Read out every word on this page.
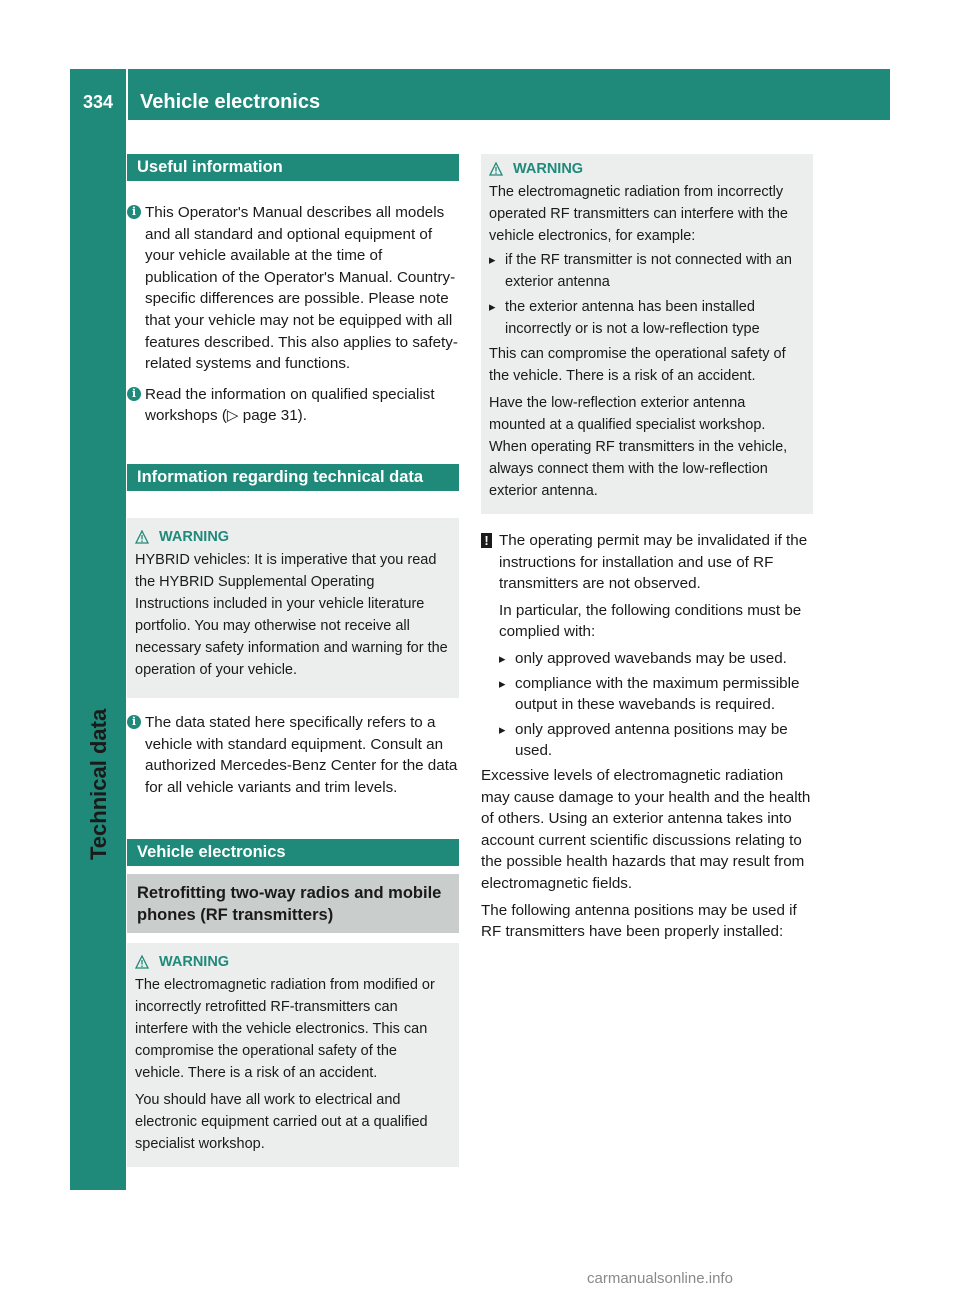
334	Vehicle electronics
Technical data
Useful information
i This Operator's Manual describes all models and all standard and optional equipment of your vehicle available at the time of publication of the Operator's Manual. Country-specific differences are possible. Please note that your vehicle may not be equipped with all features described. This also applies to safety-related systems and functions.
i Read the information on qualified specialist workshops (▷ page 31).
Information regarding technical data
WARNING

HYBRID vehicles: It is imperative that you read the HYBRID Supplemental Operating Instructions included in your vehicle literature portfolio. You may otherwise not receive all necessary safety information and warning for the operation of your vehicle.

i The data stated here specifically refers to a vehicle with standard equipment. Consult an authorized Mercedes-Benz Center for the data for all vehicle variants and trim levels.
Vehicle electronics
Retrofitting two-way radios and mobile phones (RF transmitters)
WARNING

The electromagnetic radiation from modified or incorrectly retrofitted RF-transmitters can interfere with the vehicle electronics. This can compromise the operational safety of the vehicle. There is a risk of an accident.

You should have all work to electrical and electronic equipment carried out at a qualified specialist workshop.

WARNING

The electromagnetic radiation from incorrectly operated RF transmitters can interfere with the vehicle electronics, for example:

▸ if the RF transmitter is not connected with an exterior antenna
▸ the exterior antenna has been installed incorrectly or is not a low-reflection type

This can compromise the operational safety of the vehicle. There is a risk of an accident.

Have the low-reflection exterior antenna mounted at a qualified specialist workshop. When operating RF transmitters in the vehicle, always connect them with the low-reflection exterior antenna.

! The operating permit may be invalidated if the instructions for installation and use of RF transmitters are not observed.

In particular, the following conditions must be complied with:

▸ only approved wavebands may be used.
▸ compliance with the maximum permissible output in these wavebands is required.
▸ only approved antenna positions may be used.

Excessive levels of electromagnetic radiation may cause damage to your health and the health of others. Using an exterior antenna takes into account current scientific discussions relating to the possible health hazards that may result from electromagnetic fields.

The following antenna positions may be used if RF transmitters have been properly installed:

carmanualsonline.info
